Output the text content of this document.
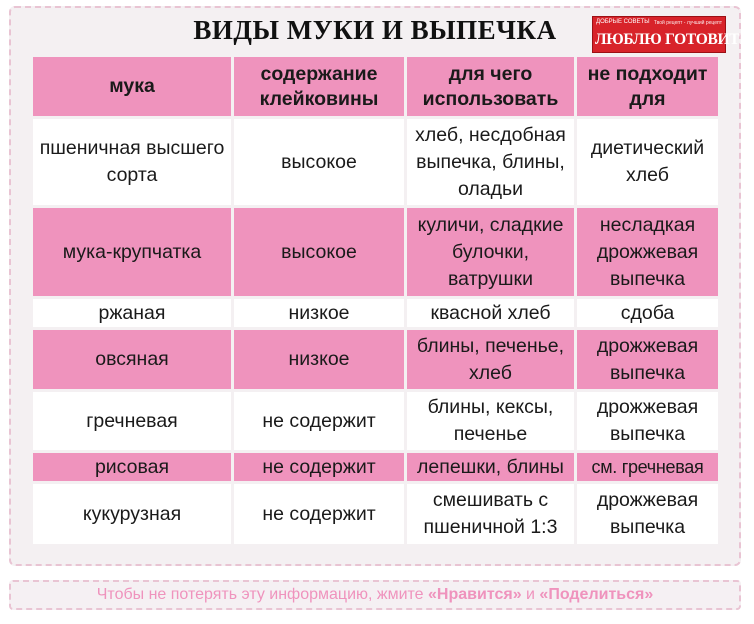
ВИДЫ МУКИ И ВЫПЕЧКА	ДОБРЫЕ СОВЕТЫ Твой рецепт - лучший рецепт
ЛЮБЛЮ ГОТОВИТЬ!
мука	содержание клейковины	для чего использовать	не подходит для
пшеничная высшего сорта	высокое	хлеб, несдобная выпечка, блины, оладьи	диетический хлеб
мука-крупчатка	высокое	куличи, сладкие булочки, ватрушки	несладкая дрожжевая выпечка
ржаная	низкое	квасной хлеб	сдоба
овсяная	низкое	блины, печенье, хлеб	дрожжевая выпечка
гречневая	не содержит	блины, кексы, печенье	дрожжевая выпечка
рисовая	не содержит	лепешки, блины	см. гречневая
кукурузная	не содержит	смешивать с пшеничной 1:3	дрожжевая выпечка
Чтобы не потерять эту информацию, жмите «Нравится» и «Поделиться»
